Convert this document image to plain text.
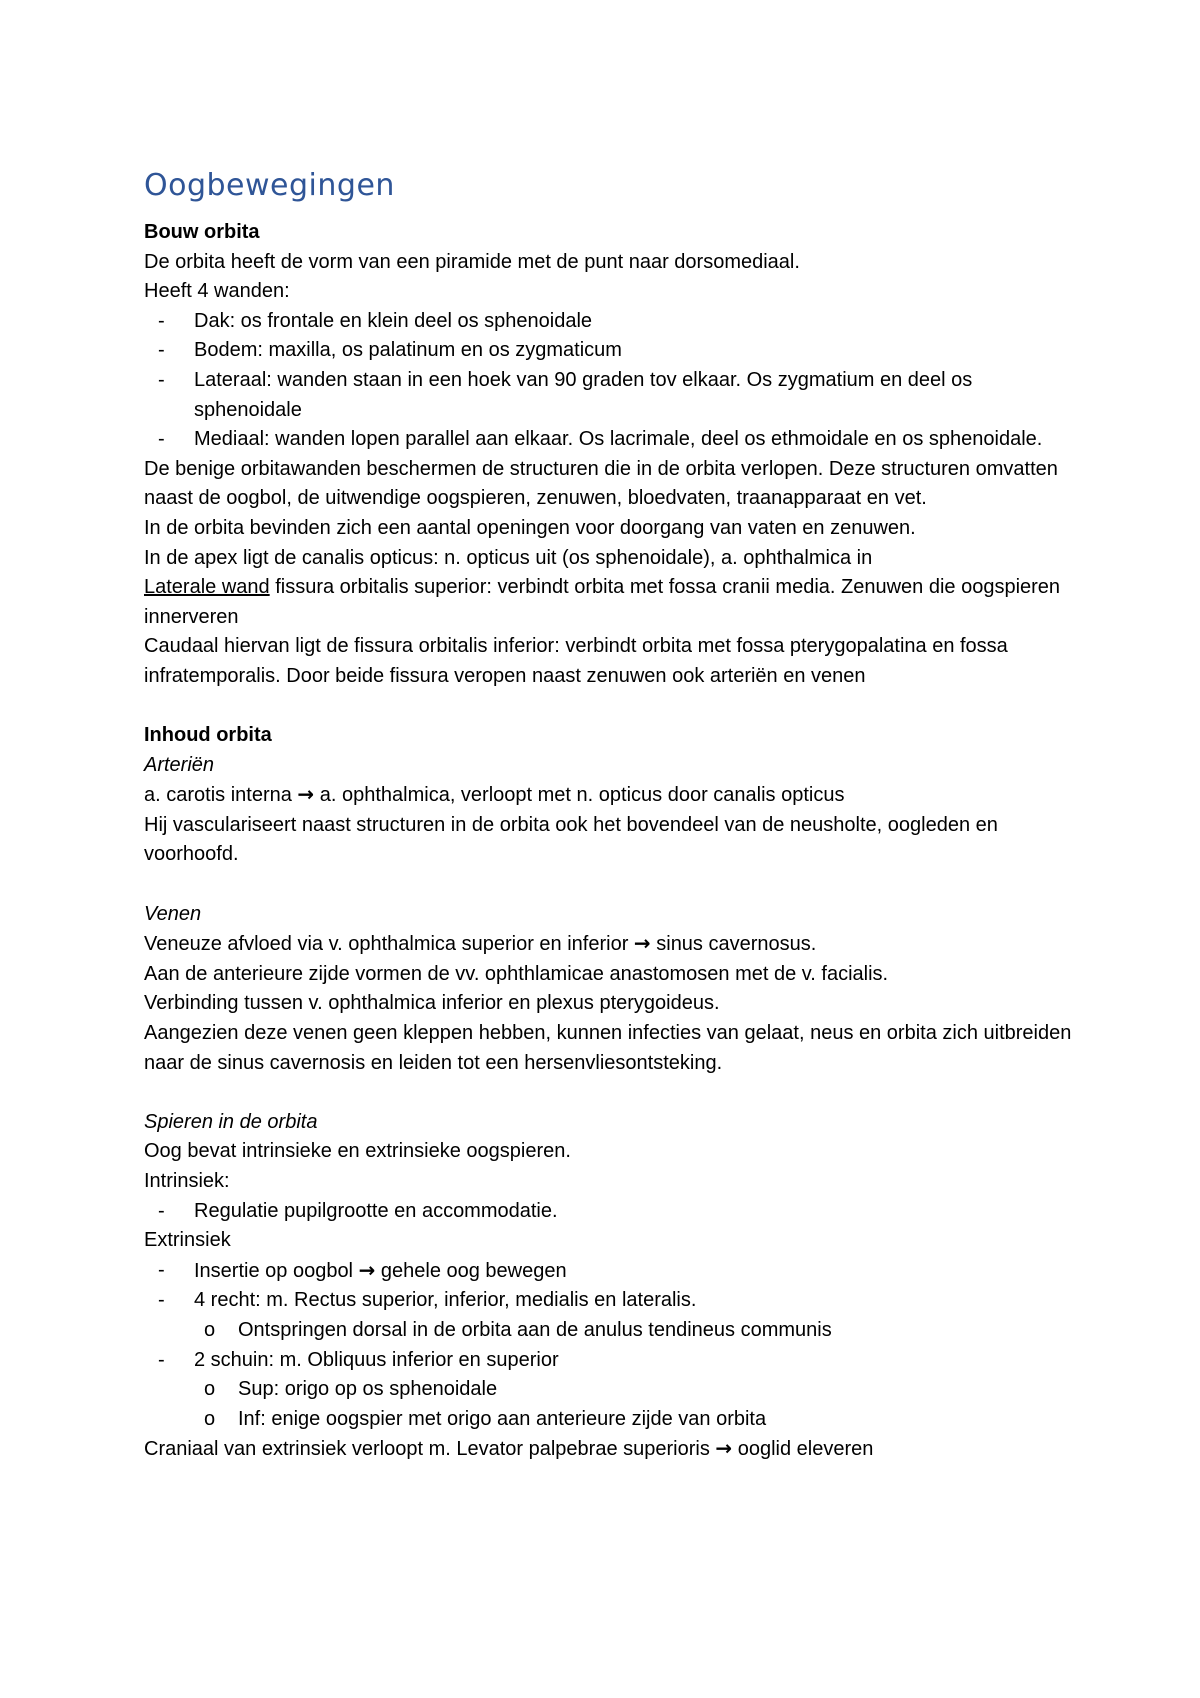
Oogbewegingen

Bouw orbita

De orbita heeft de vorm van een piramide met de punt naar dorsomediaal.

Heeft 4 wanden:

- Dak: os frontale en klein deel os sphenoidale
- Bodem: maxilla, os palatinum en os zygmaticum
- Lateraal: wanden staan in een hoek van 90 graden tov elkaar. Os zygmatium en deel os sphenoidale
- Mediaal: wanden lopen parallel aan elkaar. Os lacrimale, deel os ethmoidale en os sphenoidale.

De benige orbitawanden beschermen de structuren die in de orbita verlopen. Deze structuren omvatten naast de oogbol, de uitwendige oogspieren, zenuwen, bloedvaten, traanapparaat en vet.

In de orbita bevinden zich een aantal openingen voor doorgang van vaten en zenuwen.

In de apex ligt de canalis opticus: n. opticus uit (os sphenoidale), a. ophthalmica in

Laterale wand fissura orbitalis superior: verbindt orbita met fossa cranii media. Zenuwen die oogspieren innerveren

Caudaal hiervan ligt de fissura orbitalis inferior: verbindt orbita met fossa pterygopalatina en fossa infratemporalis. Door beide fissura veropen naast zenuwen ook arteriën en venen

Inhoud orbita

Arteriën

a. carotis interna → a. ophthalmica, verloopt met n. opticus door canalis opticus

Hij vasculariseert naast structuren in de orbita ook het bovendeel van de neusholte, oogleden en voorhoofd.

Venen

Veneuze afvloed via v. ophthalmica superior en inferior → sinus cavernosus.

Aan de anterieure zijde vormen de vv. ophthlamicae anastomosen met de v. facialis.

Verbinding tussen v. ophthalmica inferior en plexus pterygoideus.

Aangezien deze venen geen kleppen hebben, kunnen infecties van gelaat, neus en orbita zich uitbreiden naar de sinus cavernosis en leiden tot een hersenvliesontsteking.

Spieren in de orbita

Oog bevat intrinsieke en extrinsieke oogspieren.

Intrinsiek:

- Regulatie pupilgrootte en accommodatie.

Extrinsiek

- Insertie op oogbol → gehele oog bewegen
- 4 recht: m. Rectus superior, inferior, medialis en lateralis.
o Ontspringen dorsal in de orbita aan de anulus tendineus communis
- 2 schuin: m. Obliquus inferior en superior
o Sup: origo op os sphenoidale
o Inf: enige oogspier met origo aan anterieure zijde van orbita

Craniaal van extrinsiek verloopt m. Levator palpebrae superioris → ooglid eleveren
